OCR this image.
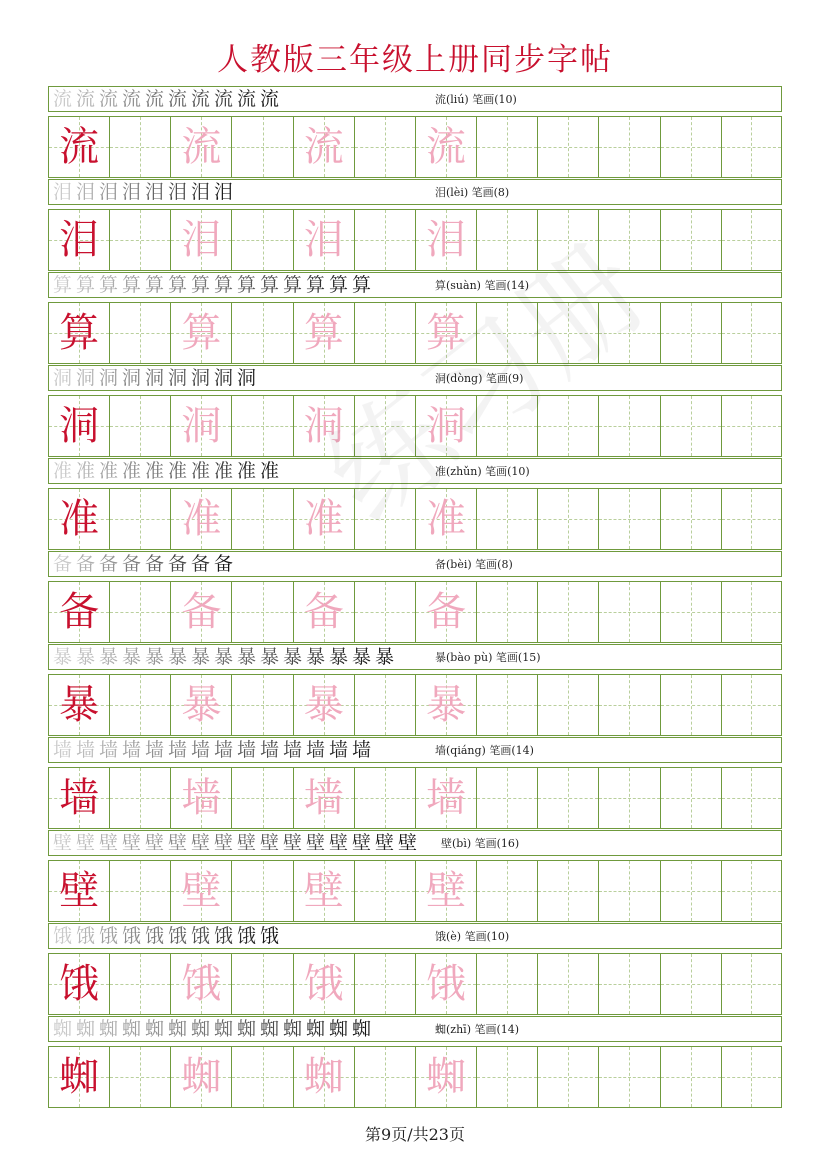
人教版三年级上册同步字帖
流 流 流 流 流 流 流 流 流 流	流(liú) 笔画(10)
流 流 流 流
泪 泪 泪 泪 泪 泪 泪 泪	泪(lèi) 笔画(8)
泪 泪 泪 泪
算 算 算 算 算 算 算 算 算 算 算 算 算 算	算(suàn) 笔画(14)
算 算 算 算
洞 洞 洞 洞 洞 洞 洞 洞 洞	洞(dòng) 笔画(9)
洞 洞 洞 洞
准 准 准 准 准 准 准 准 准 准	准(zhǔn) 笔画(10)
准 准 准 准
备 备 备 备 备 备 备 备	备(bèi) 笔画(8)
备 备 备 备
暴 暴 暴 暴 暴 暴 暴 暴 暴 暴 暴 暴 暴 暴 暴	暴(bào pù) 笔画(15)
暴 暴 暴 暴
墙 墙 墙 墙 墙 墙 墙 墙 墙 墙 墙 墙 墙 墙	墙(qiáng) 笔画(14)
墙 墙 墙 墙
壁 壁 壁 壁 壁 壁 壁 壁 壁 壁 壁 壁 壁 壁 壁 壁	壁(bì) 笔画(16)
壁 壁 壁 壁
饿 饿 饿 饿 饿 饿 饿 饿 饿 饿	饿(è) 笔画(10)
饿 饿 饿 饿
蜘 蜘 蜘 蜘 蜘 蜘 蜘 蜘 蜘 蜘 蜘 蜘 蜘 蜘	蜘(zhī) 笔画(14)
蜘 蜘 蜘 蜘
第9页/共23页
